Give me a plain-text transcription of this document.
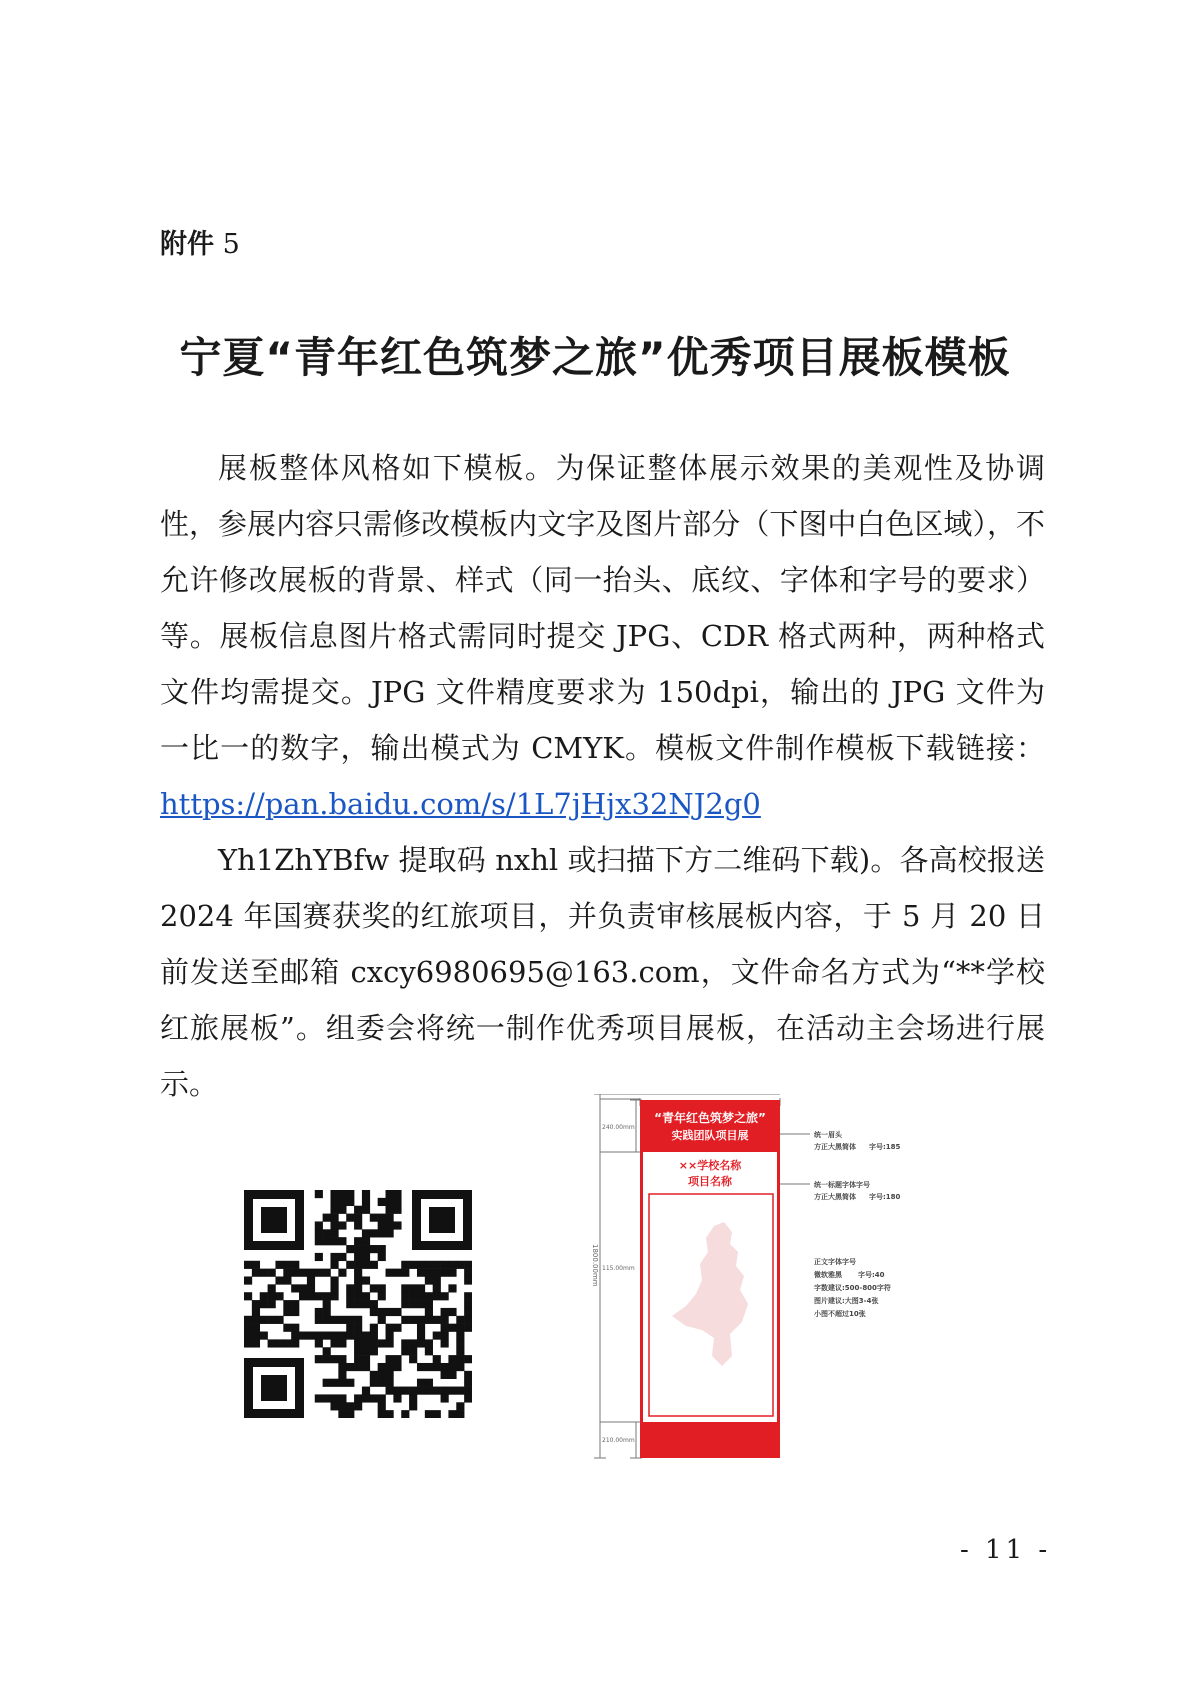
附件 5
宁夏“青年红色筑梦之旅”优秀项目展板模板

展板整体风格如下模板。为保证整体展示效果的美观性及协调性，参展内容只需修改模板内文字及图片部分（下图中白色区域），不允许修改展板的背景、样式（同一抬头、底纹、字体和字号的要求）等。展板信息图片格式需同时提交 JPG、CDR 格式两种，两种格式文件均需提交。JPG 文件精度要求为 150dpi，输出的 JPG 文件为一比一的数字，输出模式为 CMYK。模板文件制作模板下载链接：https://pan.baidu.com/s/1L7jHjx32NJ2g0

Yh1ZhYBfw 提取码 nxhl 或扫描下方二维码下载)。各高校报送 2024 年国赛获奖的红旅项目，并负责审核展板内容，于 5 月 20 日前发送至邮箱 cxcy6980695@163.com，文件命名方式为“**学校红旅展板”。组委会将统一制作优秀项目展板，在活动主会场进行展示。

1800.00mm
240.00mm
115.00mm
210.00mm
“青年红色筑梦之旅”
实践团队项目展
××学校名称
项目名称
统一眉头
方正大黑简体 字号:185
统一标题字体字号
方正大黑简体 字号:180
正文字体字号
微软雅黑 字号:40
字数建议:500-800字符
图片建议:大图3-4张
小图不超过10张
- 11 -
